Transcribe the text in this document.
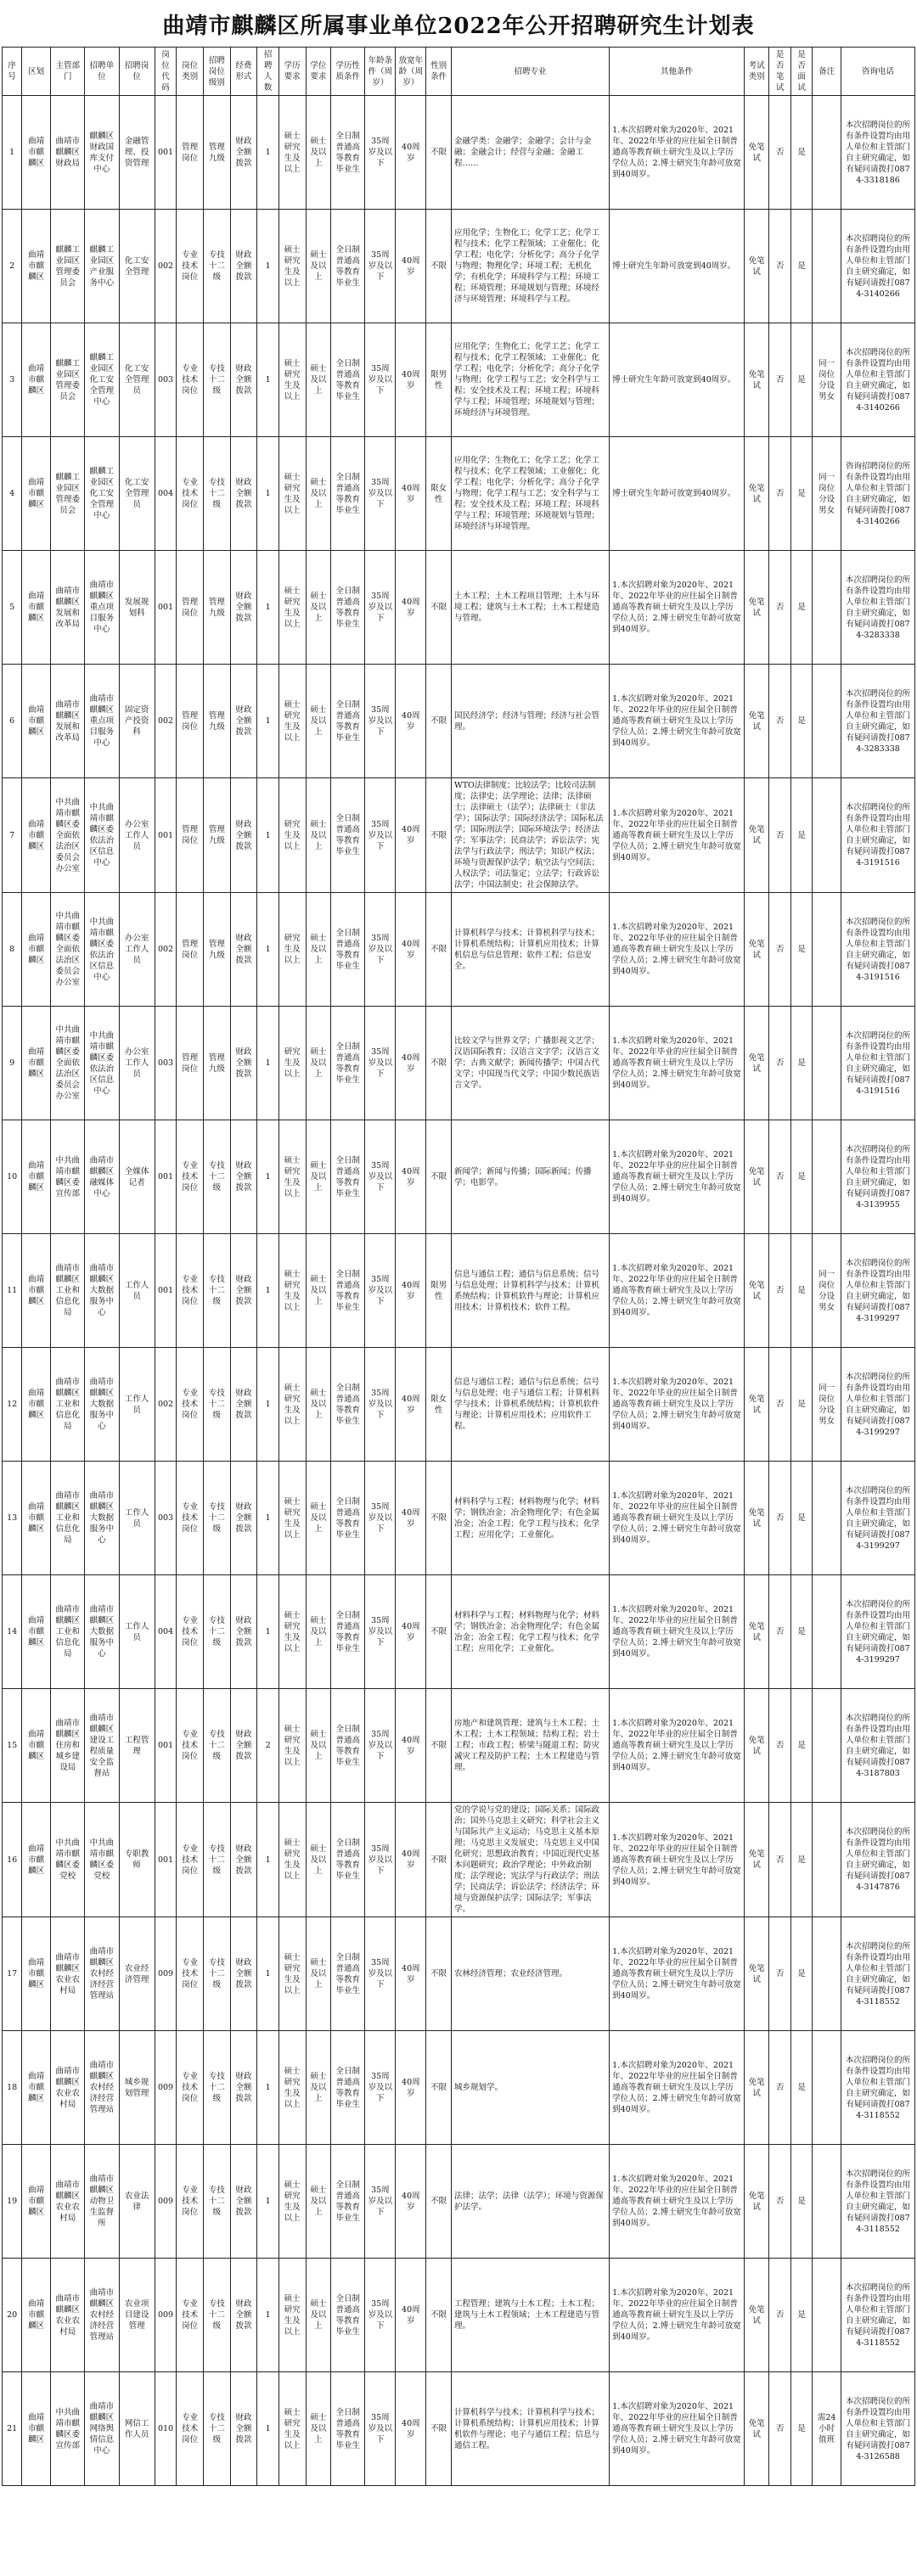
曲靖市麒麟区所属事业单位2022年公开招聘研究生计划表
序号	区划	主管部门	招聘单位	招聘岗位	岗位代码	岗位类别	招聘岗位级别	经费形式	招聘人数	学历要求	学位要求	学历性质条件	年龄条件（周岁）	放宽年龄（周岁）	性别条件	招聘专业	其他条件	考试类别	是否笔试	是否面试	备注	咨询电话
1	曲靖市麒麟区	曲靖市麒麟区财政局	麒麟区财政国库支付中心	金融管理、投资管理	001	管理岗位	管理九级	财政全额拨款	1	硕士研究生及以上	硕士及以上	全日制普通高等教育毕业生	35周岁及以下	40周岁	不限	金融学类：金融学；金融学；会计与金融；金融会计；经营与金融；金融工程……	1.本次招聘对象为2020年、2021年、2022年毕业的应往届全日制普通高等教育硕士研究生及以上学历学位人员；2.博士研究生年龄可放宽到40周岁。	免笔试	否	是		本次招聘岗位的所有条件设置均由用人单位和主管部门自主研究确定，如有疑问请拨打0874-3318186
2	曲靖市麒麟区	麒麟工业园区管理委员会	麒麟工业园区产业服务中心	化工安全管理	002	专业技术岗位	专技十二级	财政全额拨款	1	硕士研究生及以上	硕士及以上	全日制普通高等教育毕业生	35周岁及以下	40周岁	不限	应用化学；生物化工；化学工艺；化学工程与技术；化学工程领域；工业催化；化学工程；电化学；分析化学；高分子化学与物理；物理化学；环境工程；无机化学；有机化学；环境科学与工程；环境工程；环境管理；环境规划与管理；环境经济与环境管理；环境科学与工程。	博士研究生年龄可放宽到40周岁。	免笔试	否	是		本次招聘岗位的所有条件设置均由用人单位和主管部门自主研究确定，如有疑问请拨打0874-3140266
3	曲靖市麒麟区	麒麟工业园区管理委员会	麒麟工业园区化工安全管理中心	化工安全管理员	003	专业技术岗位	专技十二级	财政全额拨款	1	硕士研究生及以上	硕士及以上	全日制普通高等教育毕业生	35周岁及以下	40周岁	限男性	应用化学；生物化工；化学工艺；化学工程与技术；化学工程领域；工业催化；化学工程；电化学；分析化学；高分子化学与物理；化学工程与工艺；安全科学与工程；安全技术及工程；环境工程；环境科学与工程；环境管理；环境规划与管理；环境经济与环境管理。	博士研究生年龄可放宽到40周岁。	免笔试	否	是	同一岗位分设男女	本次招聘岗位的所有条件设置均由用人单位和主管部门自主研究确定，如有疑问请拨打0874-3140266
4	曲靖市麒麟区	麒麟工业园区管理委员会	麒麟工业园区化工安全管理中心	化工安全管理员	004	专业技术岗位	专技十二级	财政全额拨款	1	硕士研究生及以上	硕士及以上	全日制普通高等教育毕业生	35周岁及以下	40周岁	限女性	应用化学；生物化工；化学工艺；化学工程与技术；化学工程领域；工业催化；化学工程；电化学；分析化学；高分子化学与物理；化学工程与工艺；安全科学与工程；安全技术及工程；环境工程；环境科学与工程；环境管理；环境规划与管理；环境经济与环境管理。	博士研究生年龄可放宽到40周岁。	免笔试	否	是	同一岗位分设男女	咨询招聘岗位的所有条件设置均由用人单位和主管部门自主研究确定，如有疑问请拨打0874-3140266
5	曲靖市麒麟区	曲靖市麒麟区发展和改革局	曲靖市麒麟区重点项目服务中心	发展规划科	001	管理岗位	管理九级	财政全额拨款	1	硕士研究生及以上	硕士及以上	全日制普通高等教育毕业生	35周岁及以下	40周岁	不限	土木工程；土木工程项目管理；土木与环境工程；建筑与土木工程；土木工程建造与管理。	1.本次招聘对象为2020年、2021年、2022年毕业的应往届全日制普通高等教育硕士研究生及以上学历学位人员；2.博士研究生年龄可放宽到40周岁。	免笔试	否	是		本次招聘岗位的所有条件设置均由用人单位和主管部门自主研究确定，如有疑问请拨打0874-3283338
6	曲靖市麒麟区	曲靖市麒麟区发展和改革局	曲靖市麒麟区重点项目服务中心	固定资产投资科	002	管理岗位	管理九级	财政全额拨款	1	硕士研究生及以上	硕士及以上	全日制普通高等教育毕业生	35周岁及以下	40周岁	不限	国民经济学；经济与管理；经济与社会管理。	1.本次招聘对象为2020年、2021年、2022年毕业的应往届全日制普通高等教育硕士研究生及以上学历学位人员；2.博士研究生年龄可放宽到40周岁。	免笔试	否	是		本次招聘岗位的所有条件设置均由用人单位和主管部门自主研究确定，如有疑问请拨打0874-3283338
7	曲靖市麒麟区	中共曲靖市麒麟区委全面依法治区委员会办公室	中共曲靖市麒麟区委依法治区信息中心	办公室工作人员	001	管理岗位	管理九级	财政全额拨款	1	研究生及以上	硕士及以上	全日制普通高等教育毕业生	35周岁及以下	40周岁	不限	WTO法律制度；比较法学；比较司法制度；法律史；法学理论；法律；法律硕士；法律硕士（法学）；法律硕士（非法学）；国际法学；国际经济法学；国际私法学；国际刑法学；国际环境法学；经济法学；军事法学；民商法学；诉讼法学；宪法学与行政法学；刑法学；知识产权法；环境与资源保护法学；航空法与空间法；人权法学；司法鉴定；立法学；行政诉讼法学；中国法制史；社会保障法学。	1.本次招聘对象为2020年、2021年、2022年毕业的应往届全日制普通高等教育硕士研究生及以上学历学位人员；2.博士研究生年龄可放宽到40周岁。	免笔试	否	是		本次招聘岗位的所有条件设置均由用人单位和主管部门自主研究确定，如有疑问请拨打0874-3191516
8	曲靖市麒麟区	中共曲靖市麒麟区委全面依法治区委员会办公室	中共曲靖市麒麟区委依法治区信息中心	办公室工作人员	002	管理岗位	管理九级	财政全额拨款	1	研究生及以上	硕士及以上	全日制普通高等教育毕业生	35周岁及以下	40周岁	不限	计算机科学与技术；计算机科学与技术；计算机系统结构；计算机应用技术；计算机信息与信息管理；软件工程；信息安全。	1.本次招聘对象为2020年、2021年、2022年毕业的应往届全日制普通高等教育硕士研究生及以上学历学位人员；2.博士研究生年龄可放宽到40周岁。	免笔试	否	是		本次招聘岗位的所有条件设置均由用人单位和主管部门自主研究确定，如有疑问请拨打0874-3191516
9	曲靖市麒麟区	中共曲靖市麒麟区委全面依法治区委员会办公室	中共曲靖市麒麟区委依法治区信息中心	办公室工作人员	003	管理岗位	管理九级	财政全额拨款	1	研究生及以上	硕士及以上	全日制普通高等教育毕业生	35周岁及以下	40周岁	不限	比较文学与世界文学；广播影视文艺学；汉语国际教育；汉语言文字学；汉语言文学；古典文献学；新闻传播学；中国古代文学；中国现当代文学；中国少数民族语言文学。	1.本次招聘对象为2020年、2021年、2022年毕业的应往届全日制普通高等教育硕士研究生及以上学历学位人员；2.博士研究生年龄可放宽到40周岁。	免笔试	否	是		本次招聘岗位的所有条件设置均由用人单位和主管部门自主研究确定，如有疑问请拨打0874-3191516
10	曲靖市麒麟区	中共曲靖市麒麟区委宣传部	曲靖市麒麟区融媒体中心	全媒体记者	001	专业技术岗位	专技十二级	财政全额拨款	1	硕士研究生及以上	硕士及以上	全日制普通高等教育毕业生	35周岁及以下	40周岁	不限	新闻学；新闻与传播；国际新闻；传播学；电影学。	1.本次招聘对象为2020年、2021年、2022年毕业的应往届全日制普通高等教育硕士研究生及以上学历学位人员；2.博士研究生年龄可放宽到40周岁。	免笔试	否	是		本次招聘岗位的所有条件设置均由用人单位和主管部门自主研究确定，如有疑问请拨打0874-3139955
11	曲靖市麒麟区	曲靖市麒麟区工业和信息化局	曲靖市麒麟区大数据服务中心	工作人员	001	专业技术岗位	专技十二级	财政全额拨款	1	硕士研究生及以上	硕士及以上	全日制普通高等教育毕业生	35周岁及以下	40周岁	限男性	信息与通信工程；通信与信息系统；信号与信息处理；计算机科学与技术；计算机系统结构；计算机软件与理论；计算机应用技术；计算机技术；软件工程。	1.本次招聘对象为2020年、2021年、2022年毕业的应往届全日制普通高等教育硕士研究生及以上学历学位人员；2.博士研究生年龄可放宽到40周岁。	免笔试	否	是	同一岗位分设男女	本次招聘岗位的所有条件设置均由用人单位和主管部门自主研究确定，如有疑问请拨打0874-3199297
12	曲靖市麒麟区	曲靖市麒麟区工业和信息化局	曲靖市麒麟区大数据服务中心	工作人员	002	专业技术岗位	专技十二级	财政全额拨款	1	硕士研究生及以上	硕士及以上	全日制普通高等教育毕业生	35周岁及以下	40周岁	限女性	信息与通信工程；通信与信息系统；信号与信息处理；电子与通信工程；计算机科学与技术；计算机系统结构；计算机软件与理论；计算机应用技术；应用软件工程。	1.本次招聘对象为2020年、2021年、2022年毕业的应往届全日制普通高等教育硕士研究生及以上学历学位人员；2.博士研究生年龄可放宽到40周岁。	免笔试	否	是	同一岗位分设男女	本次招聘岗位的所有条件设置均由用人单位和主管部门自主研究确定，如有疑问请拨打0874-3199297
13	曲靖市麒麟区	曲靖市麒麟区工业和信息化局	曲靖市麒麟区大数据服务中心	工作人员	003	专业技术岗位	专技十二级	财政全额拨款	1	硕士研究生及以上	硕士及以上	全日制普通高等教育毕业生	35周岁及以下	40周岁	不限	材料科学与工程；材料物理与化学；材料学；钢铁冶金；冶金物理化学；有色金属冶金；冶金工程；化学工程与技术；化学工程；应用化学；工业催化。	1.本次招聘对象为2020年、2021年、2022年毕业的应往届全日制普通高等教育硕士研究生及以上学历学位人员；2.博士研究生年龄可放宽到40周岁。	免笔试	否	是		本次招聘岗位的所有条件设置均由用人单位和主管部门自主研究确定，如有疑问请拨打0874-3199297
14	曲靖市麒麟区	曲靖市麒麟区工业和信息化局	曲靖市麒麟区大数据服务中心	工作人员	004	专业技术岗位	专技十二级	财政全额拨款	1	硕士研究生及以上	硕士及以上	全日制普通高等教育毕业生	35周岁及以下	40周岁	不限	材料科学与工程；材料物理与化学；材料学；钢铁冶金；冶金物理化学；有色金属冶金；冶金工程；化学工程与技术；化学工程；应用化学；工业催化。	1.本次招聘对象为2020年、2021年、2022年毕业的应往届全日制普通高等教育硕士研究生及以上学历学位人员；2.博士研究生年龄可放宽到40周岁。	免笔试	否	是		本次招聘岗位的所有条件设置均由用人单位和主管部门自主研究确定，如有疑问请拨打0874-3199297
15	曲靖市麒麟区	曲靖市麒麟区住房和城乡建设局	曲靖市麒麟区建设工程质量安全监督站	工程管理	001	专业技术岗位	专技十二级	财政全额拨款	2	硕士研究生及以上	硕士及以上	全日制普通高等教育毕业生	35周岁及以下	40周岁	不限	房地产和建筑管理；建筑与土木工程；土木工程；土木工程领域；结构工程；岩土工程；市政工程；桥梁与隧道工程；防灾减灾工程及防护工程；土木工程建造与管理。	1.本次招聘对象为2020年、2021年、2022年毕业的应往届全日制普通高等教育硕士研究生及以上学历学位人员；2.博士研究生年龄可放宽到40周岁。	免笔试	否	是		本次招聘岗位的所有条件设置均由用人单位和主管部门自主研究确定，如有疑问请拨打0874-3187803
16	曲靖市麒麟区	中共曲靖市麒麟区委党校	中共曲靖市麒麟区委党校	专职教师	001	专业技术岗位	专技十二级	财政全额拨款	1	硕士研究生及以上	硕士及以上	全日制普通高等教育毕业生	35周岁及以下	40周岁	不限	党的学说与党的建设；国际关系；国际政治；国外马克思主义研究；科学社会主义与国际共产主义运动；马克思主义基本原理；马克思主义发展史；马克思主义中国化研究；思想政治教育；中国近现代史基本问题研究；政治学理论；中外政治制度；法学理论；宪法学与行政法学；刑法学；民商法学；诉讼法学；经济法学；环境与资源保护法学；国际法学；军事法学。	1.本次招聘对象为2020年、2021年、2022年毕业的应往届全日制普通高等教育硕士研究生及以上学历学位人员；2.博士研究生年龄可放宽到40周岁。	免笔试	否	是		本次招聘岗位的所有条件设置均由用人单位和主管部门自主研究确定，如有疑问请拨打0874-3147876
17	曲靖市麒麟区	曲靖市麒麟区农业农村局	曲靖市麒麟区农村经济经营管理站	农业经济管理	009	专业技术岗位	专技十二级	财政全额拨款	1	硕士研究生及以上	硕士及以上	全日制普通高等教育毕业生	35周岁及以下	40周岁	不限	农林经济管理；农业经济管理。	1.本次招聘对象为2020年、2021年、2022年毕业的应往届全日制普通高等教育硕士研究生及以上学历学位人员；2.博士研究生年龄可放宽到40周岁。	免笔试	否	是		本次招聘岗位的所有条件设置均由用人单位和主管部门自主研究确定，如有疑问请拨打0874-3118552
18	曲靖市麒麟区	曲靖市麒麟区农业农村局	曲靖市麒麟区农村经济经营管理站	城乡规划管理	009	专业技术岗位	专技十二级	财政全额拨款	1	硕士研究生及以上	硕士及以上	全日制普通高等教育毕业生	35周岁及以下	40周岁	不限	城乡规划学。	1.本次招聘对象为2020年、2021年、2022年毕业的应往届全日制普通高等教育硕士研究生及以上学历学位人员；2.博士研究生年龄可放宽到40周岁。	免笔试	否	是		本次招聘岗位的所有条件设置均由用人单位和主管部门自主研究确定，如有疑问请拨打0874-3118552
19	曲靖市麒麟区	曲靖市麒麟区农业农村局	曲靖市麒麟区动物卫生监督所	农业法律	009	专业技术岗位	专技十二级	财政全额拨款	1	硕士研究生及以上	硕士及以上	全日制普通高等教育毕业生	35周岁及以下	40周岁	不限	法律；法学；法律（法学）；环境与资源保护法学。	1.本次招聘对象为2020年、2021年、2022年毕业的应往届全日制普通高等教育硕士研究生及以上学历学位人员；2.博士研究生年龄可放宽到40周岁。	免笔试	否	是		本次招聘岗位的所有条件设置均由用人单位和主管部门自主研究确定，如有疑问请拨打0874-3118552
20	曲靖市麒麟区	曲靖市麒麟区农业农村局	曲靖市麒麟区农村经济经营管理站	农业项目建设管理	009	专业技术岗位	专技十二级	财政全额拨款	1	硕士研究生及以上	硕士及以上	全日制普通高等教育毕业生	35周岁及以下	40周岁	不限	工程管理；建筑与土木工程；土木工程；建筑与土木工程领域；土木工程建造与管理。	1.本次招聘对象为2020年、2021年、2022年毕业的应往届全日制普通高等教育硕士研究生及以上学历学位人员；2.博士研究生年龄可放宽到40周岁。	免笔试	否	是		本次招聘岗位的所有条件设置均由用人单位和主管部门自主研究确定，如有疑问请拨打0874-3118552
21	曲靖市麒麟区	中共曲靖市麒麟区委宣传部	曲靖市麒麟区网络舆情信息中心	网信工作人员	010	专业技术岗位	专技十二级	财政全额拨款	1	硕士研究生及以上	硕士及以上	全日制普通高等教育毕业生	35周岁及以下	40周岁	不限	计算机科学与技术；计算机科学与技术；计算机系统结构；计算机应用技术；计算机软件与理论；电子与通信工程；信息与通信工程。	1.本次招聘对象为2020年、2021年、2022年毕业的应往届全日制普通高等教育硕士研究生及以上学历学位人员；2.博士研究生年龄可放宽到40周岁。	免笔试	否	是	需24小时值班	本次招聘岗位的所有条件设置均由用人单位和主管部门自主研究确定，如有疑问请拨打0874-3126588
